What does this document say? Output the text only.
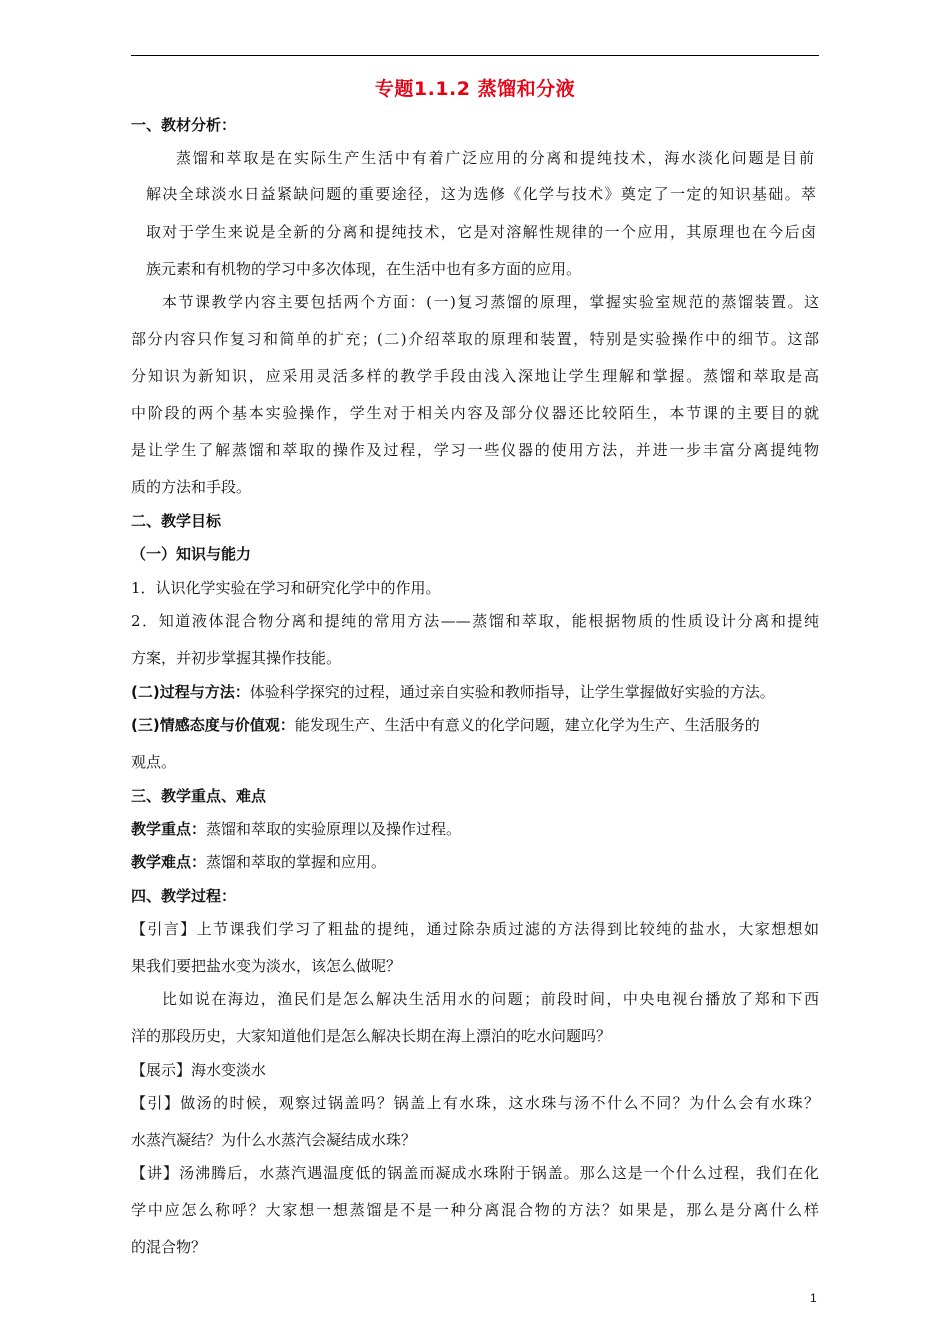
专题1.1.2 蒸馏和分液
一、教材分析：
蒸馏和萃取是在实际生产生活中有着广泛应用的分离和提纯技术，海水淡化问题是目前
解决全球淡水日益紧缺问题的重要途径，这为选修《化学与技术》奠定了一定的知识基础。萃
取对于学生来说是全新的分离和提纯技术，它是对溶解性规律的一个应用，其原理也在今后卤
族元素和有机物的学习中多次体现，在生活中也有多方面的应用。
本节课教学内容主要包括两个方面：(一)复习蒸馏的原理，掌握实验室规范的蒸馏装置。这
部分内容只作复习和简单的扩充；(二)介绍萃取的原理和装置，特别是实验操作中的细节。这部
分知识为新知识，应采用灵活多样的教学手段由浅入深地让学生理解和掌握。蒸馏和萃取是高
中阶段的两个基本实验操作，学生对于相关内容及部分仪器还比较陌生，本节课的主要目的就
是让学生了解蒸馏和萃取的操作及过程，学习一些仪器的使用方法，并进一步丰富分离提纯物
质的方法和手段。
二、教学目标
（一）知识与能力
1．认识化学实验在学习和研究化学中的作用。
2．知道液体混合物分离和提纯的常用方法——蒸馏和萃取，能根据物质的性质设计分离和提纯
方案，并初步掌握其操作技能。
(二)过程与方法：体验科学探究的过程，通过亲自实验和教师指导，让学生掌握做好实验的方法。
(三)情感态度与价值观：能发现生产、生活中有意义的化学问题，建立化学为生产、生活服务的
观点。
三、教学重点、难点
教学重点：蒸馏和萃取的实验原理以及操作过程。
教学难点：蒸馏和萃取的掌握和应用。
四、教学过程：
【引言】上节课我们学习了粗盐的提纯，通过除杂质过滤的方法得到比较纯的盐水，大家想想如
果我们要把盐水变为淡水，该怎么做呢？
比如说在海边，渔民们是怎么解决生活用水的问题；前段时间，中央电视台播放了郑和下西
洋的那段历史，大家知道他们是怎么解决长期在海上漂泊的吃水问题吗？
【展示】海水变淡水
【引】做汤的时候，观察过锅盖吗？锅盖上有水珠，这水珠与汤不什么不同？为什么会有水珠？
水蒸汽凝结？为什么水蒸汽会凝结成水珠？
【讲】汤沸腾后，水蒸汽遇温度低的锅盖而凝成水珠附于锅盖。那么这是一个什么过程，我们在化
学中应怎么称呼？大家想一想蒸馏是不是一种分离混合物的方法？如果是，那么是分离什么样
的混合物？
1
